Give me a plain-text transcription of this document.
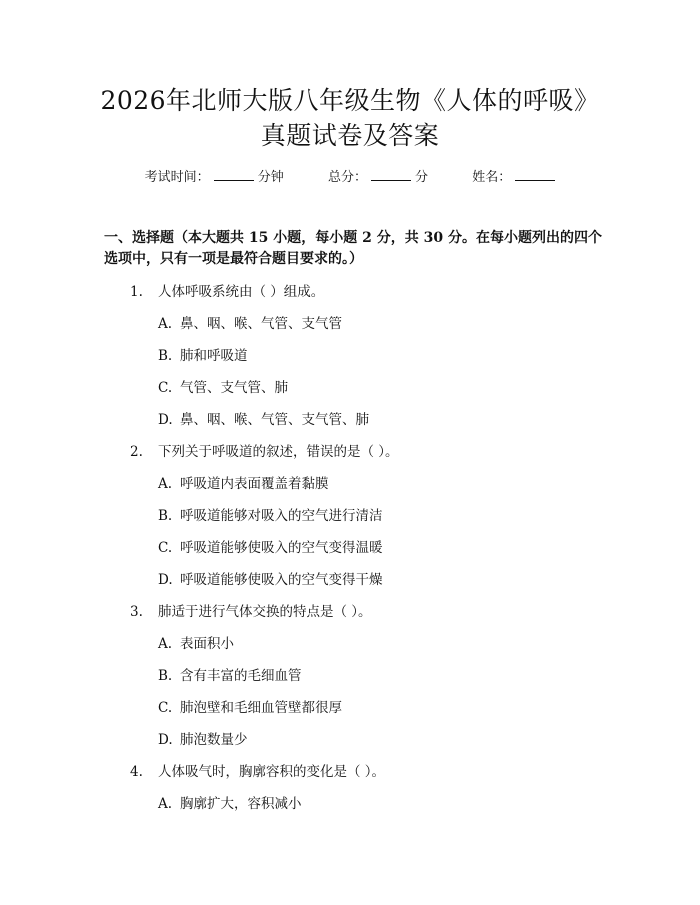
2026年北师大版八年级生物《人体的呼吸》
真题试卷及答案
考试时间：	分钟	总分：	分	姓名：
一、选择题（本大题共 15 小题，每小题 2 分，共 30 分。在每小题列出的四个选项中，只有一项是最符合题目要求的。）
1. 人体呼吸系统由（ ）组成。
A. 鼻、咽、喉、气管、支气管
B. 肺和呼吸道
C. 气管、支气管、肺
D. 鼻、咽、喉、气管、支气管、肺
2. 下列关于呼吸道的叙述，错误的是（ ）。
A. 呼吸道内表面覆盖着黏膜
B. 呼吸道能够对吸入的空气进行清洁
C. 呼吸道能够使吸入的空气变得温暖
D. 呼吸道能够使吸入的空气变得干燥
3. 肺适于进行气体交换的特点是（ ）。
A. 表面积小
B. 含有丰富的毛细血管
C. 肺泡壁和毛细血管壁都很厚
D. 肺泡数量少
4. 人体吸气时，胸廓容积的变化是（ ）。
A. 胸廓扩大，容积减小
